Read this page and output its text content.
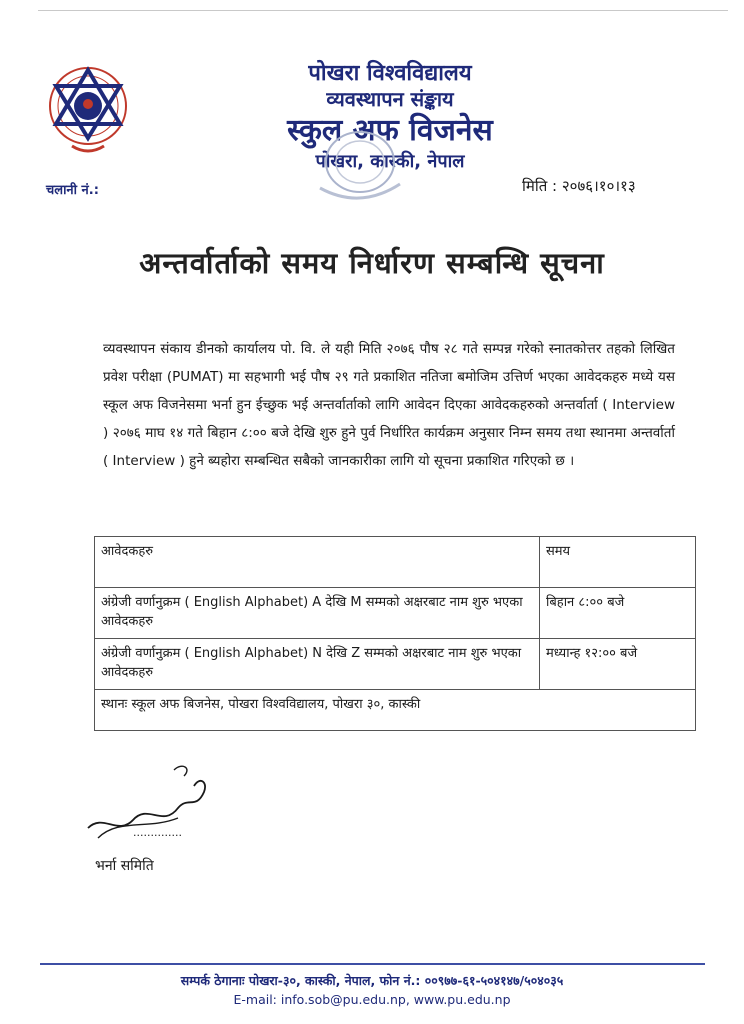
पोखरा विश्वविद्यालय
व्यवस्थापन संङ्काय
स्कुल अफ विजनेस
पोखरा, कास्की, नेपाल
चलानी नं.:	मिति : २०७६।१०।१३
अन्तर्वार्ताको समय निर्धारण सम्बन्धि सूचना
व्यवस्थापन संकाय डीनको कार्यालय पो. वि. ले यही मिति २०७६ पौष २८ गते सम्पन्न गरेको स्नातकोत्तर तहको लिखित प्रवेश परीक्षा (PUMAT) मा सहभागी भई पौष २९ गते प्रकाशित नतिजा बमोजिम उत्तिर्ण भएका आवेदकहरु मध्ये यस स्कूल अफ विजनेसमा भर्ना हुन ईच्छुक भई अन्तर्वार्ताको लागि आवेदन दिएका आवेदकहरुको अन्तर्वार्ता ( Interview ) २०७६ माघ १४ गते बिहान ८:०० बजे देखि शुरु हुने पुर्व निर्धारित कार्यक्रम अनुसार निम्न समय तथा स्थानमा अन्तर्वार्ता ( Interview ) हुने ब्यहोरा सम्बन्धित सबैको जानकारीका लागि यो सूचना प्रकाशित गरिएको छ ।
आवेदकहरु	समय
अंग्रेजी वर्णानुक्रम ( English Alphabet) A देखि M सम्मको अक्षरबाट नाम शुरु भएका आवेदकहरु	बिहान ८:०० बजे
अंग्रेजी वर्णानुक्रम ( English Alphabet) N देखि Z सम्मको अक्षरबाट नाम शुरु भएका आवेदकहरु	मध्यान्ह १२:०० बजे
स्थानः स्कूल अफ बिजनेस, पोखरा विश्वविद्यालय, पोखरा ३०, कास्की	
..............
भर्ना समिति
सम्पर्क ठेगानाः पोखरा-३०, कास्की, नेपाल, फोन नं.: ००९७७-६१-५०४१४७/५०४०३५
E-mail: info.sob@pu.edu.np, www.pu.edu.np
